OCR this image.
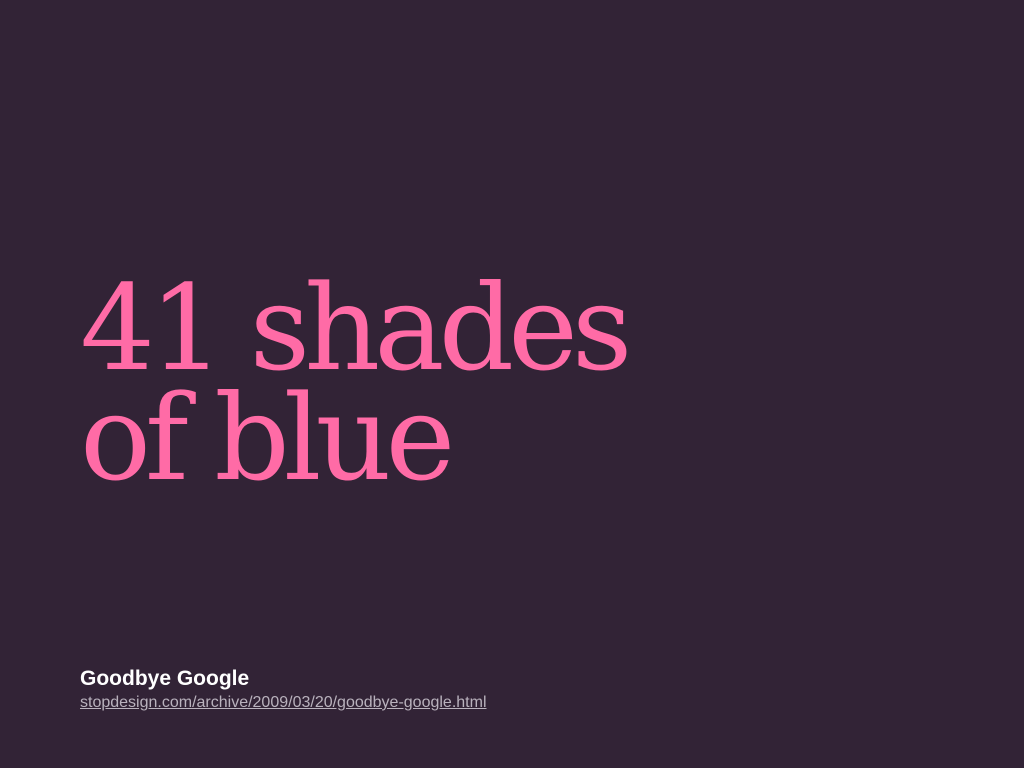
41 shades
of blue
Goodbye Google
stopdesign.com/archive/2009/03/20/goodbye-google.html
